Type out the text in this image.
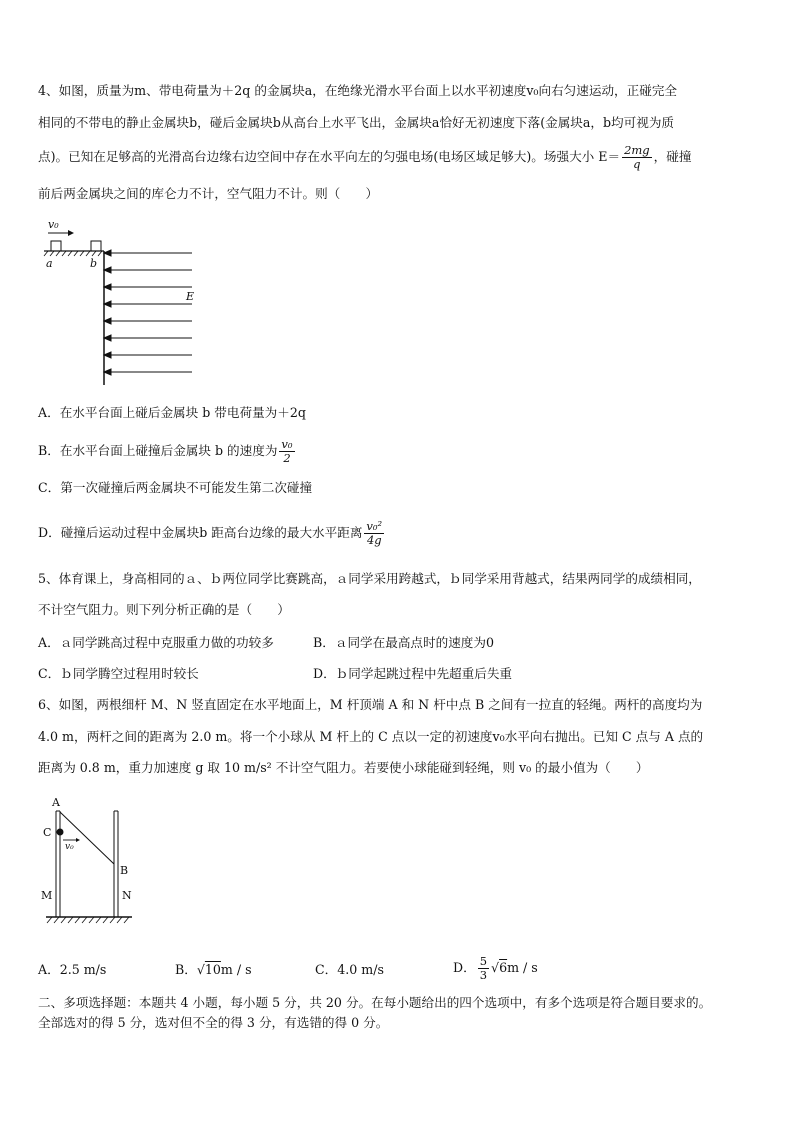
4、如图，质量为m、带电荷量为＋2q 的金属块a，在绝缘光滑水平台面上以水平初速度v₀向右匀速运动，正碰完全
相同的不带电的静止金属块b，碰后金属块b从高台上水平飞出，金属块a恰好无初速度下落(金属块a，b均可视为质
点)。已知在足够高的光滑高台边缘右边空间中存在水平向左的匀强电场(电场区域足够大)。场强大小 $E= \frac{2mg}{q}$ ，碰撞
前后两金属块之间的库仑力不计，空气阻力不计。则（　　）
v₀
a	b
E
A．在水平台面上碰后金属块 b 带电荷量为＋2q
B．在水平台面上碰撞后金属块 b 的速度为 $\frac{\text{v₀}}{2}$
C．第一次碰撞后两金属块不可能发生第二次碰撞
D．碰撞后运动过程中金属块b 距高台边缘的最大水平距离 $\frac{\text{v₀²}}{4g}$
5、体育课上，身高相同的ａ、ｂ两位同学比赛跳高，ａ同学采用跨越式，ｂ同学采用背越式，结果两同学的成绩相同，
不计空气阻力。则下列分析正确的是（　　）
A．ａ同学跳高过程中克服重力做的功较多	B．ａ同学在最高点时的速度为0
C．ｂ同学腾空过程用时较长	D．ｂ同学起跳过程中先超重后失重
6、如图，两根细杆 M、N 竖直固定在水平地面上，M 杆顶端 A 和 N 杆中点 B 之间有一拉直的轻绳。两杆的高度均为
4.0 m，两杆之间的距离为 2.0 m。将一个小球从 M 杆上的 C 点以一定的初速度v₀水平向右抛出。已知 C 点与 A 点的
距离为 0.8 m，重力加速度 g 取 10 m/s² 不计空气阻力。若要使小球能碰到轻绳，则 v₀ 的最小值为（　　）
v₀
A
C
B
M	N
A．2.5 m/s	B．√10m / s	C．4.0 m/s	D． $\frac{5}{3} √6m$ / s
二、多项选择题：本题共 4 小题，每小题 5 分，共 20 分。在每小题给出的四个选项中，有多个选项是符合题目要求的。
全部选对的得 5 分，选对但不全的得 3 分，有选错的得 0 分。
